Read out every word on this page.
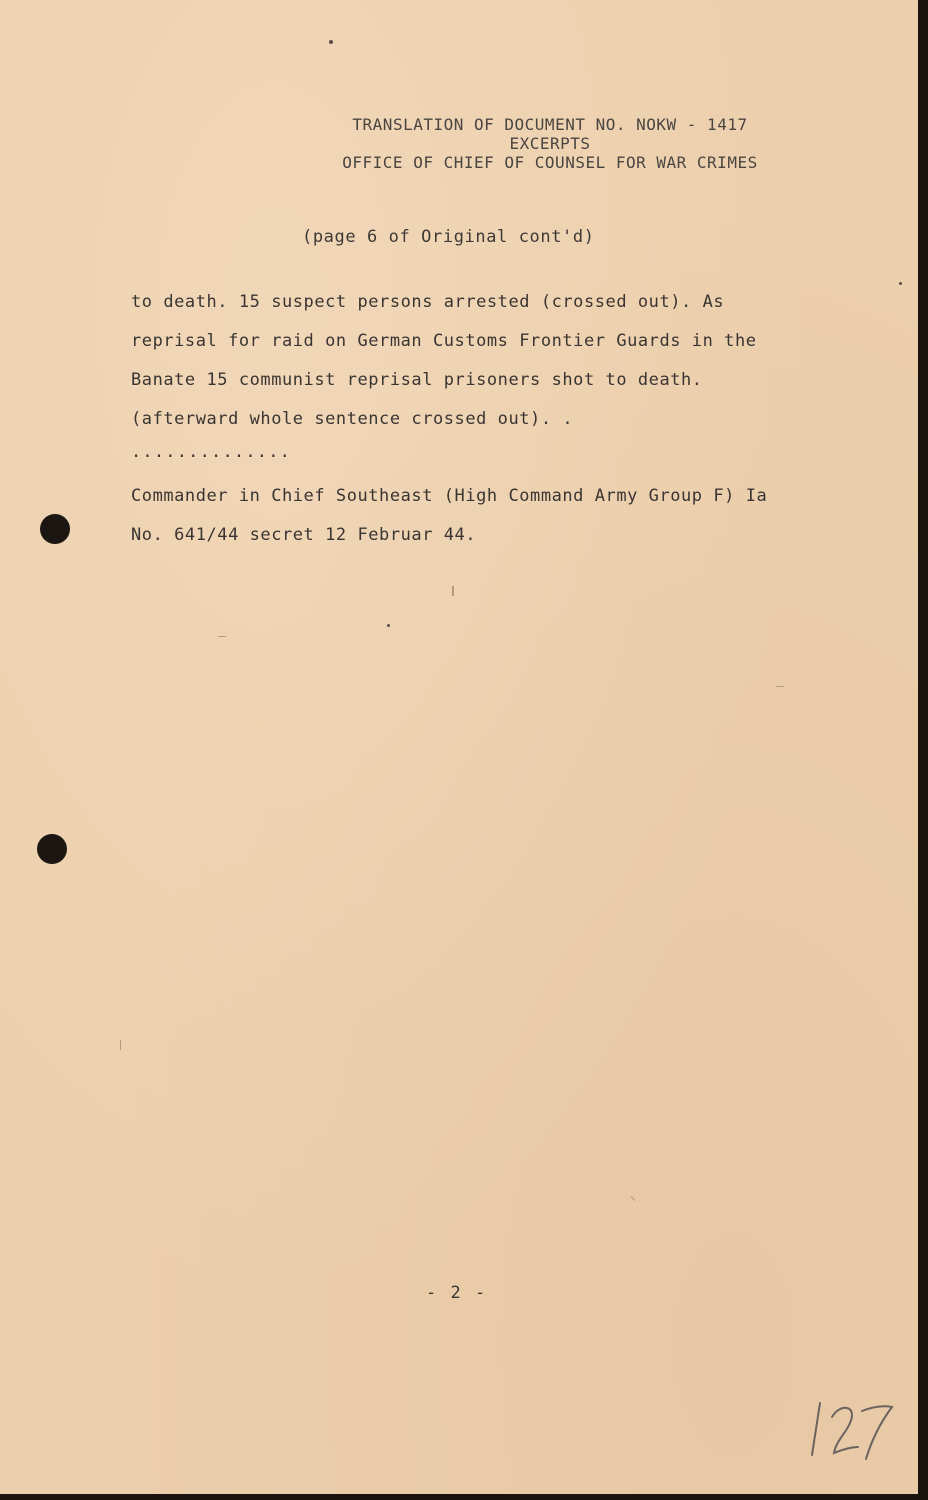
TRANSLATION OF DOCUMENT NO. NOKW - 1417
EXCERPTS
OFFICE OF CHIEF OF COUNSEL FOR WAR CRIMES
(page 6 of Original cont'd)
to death. 15 suspect persons arrested (crossed out). As
reprisal for raid on German Customs Frontier Guards in the
Banate 15 communist reprisal prisoners shot to death.
(afterward whole sentence crossed out). .
..............
Commander in Chief Southeast (High Command Army Group F) Ia
No. 641/44 secret 12 Februar 44.
- 2 -
